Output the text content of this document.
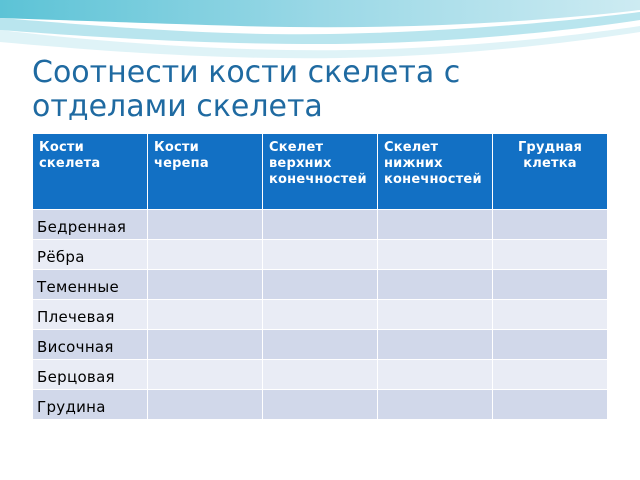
Соотнести кости скелета с отделами скелета
Кости скелета	Кости черепа	Скелет верхних конечностей	Скелет нижних конечностей	Грудная клетка
Бедренная				
Рёбра				
Теменные				
Плечевая				
Височная				
Берцовая				
Грудина				
